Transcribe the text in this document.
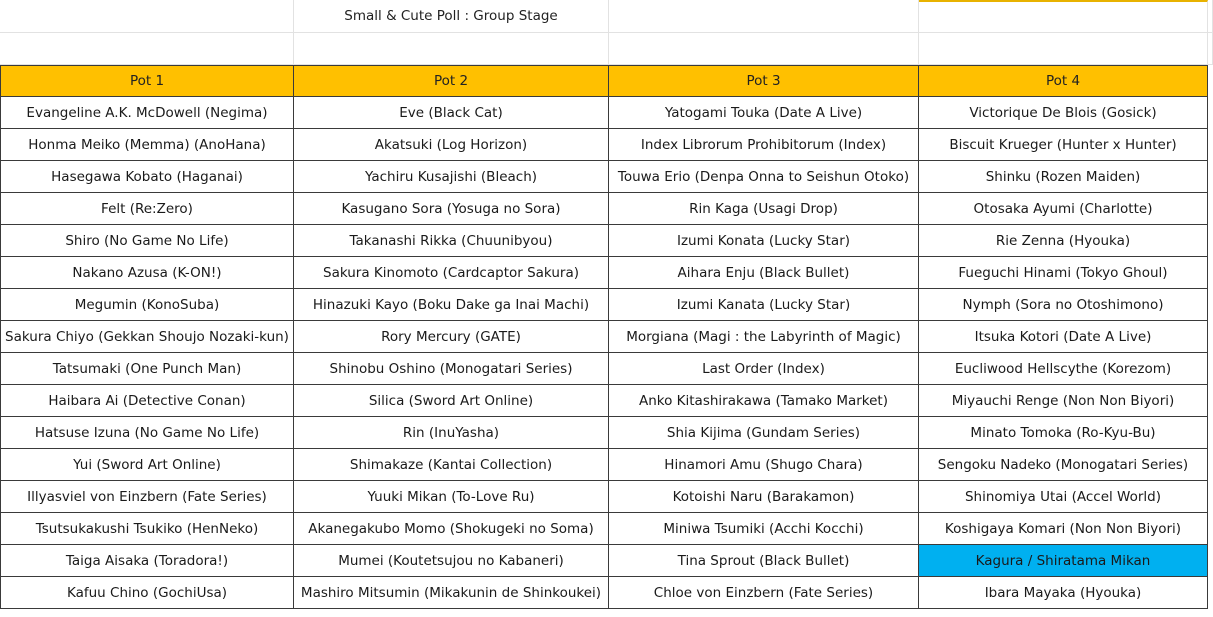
Small & Cute Poll : Group Stage
Pot 1	Pot 2	Pot 3	Pot 4
Evangeline A.K. McDowell (Negima)	Eve (Black Cat)	Yatogami Touka (Date A Live)	Victorique De Blois (Gosick)
Honma Meiko (Memma) (AnoHana)	Akatsuki (Log Horizon)	Index Librorum Prohibitorum (Index)	Biscuit Krueger (Hunter x Hunter)
Hasegawa Kobato (Haganai)	Yachiru Kusajishi (Bleach)	Touwa Erio (Denpa Onna to Seishun Otoko)	Shinku (Rozen Maiden)
Felt (Re:Zero)	Kasugano Sora (Yosuga no Sora)	Rin Kaga (Usagi Drop)	Otosaka Ayumi (Charlotte)
Shiro (No Game No Life)	Takanashi Rikka (Chuunibyou)	Izumi Konata (Lucky Star)	Rie Zenna (Hyouka)
Nakano Azusa (K-ON!)	Sakura Kinomoto (Cardcaptor Sakura)	Aihara Enju (Black Bullet)	Fueguchi Hinami (Tokyo Ghoul)
Megumin (KonoSuba)	Hinazuki Kayo (Boku Dake ga Inai Machi)	Izumi Kanata (Lucky Star)	Nymph (Sora no Otoshimono)
Sakura Chiyo (Gekkan Shoujo Nozaki-kun)	Rory Mercury (GATE)	Morgiana (Magi : the Labyrinth of Magic)	Itsuka Kotori (Date A Live)
Tatsumaki (One Punch Man)	Shinobu Oshino (Monogatari Series)	Last Order (Index)	Eucliwood Hellscythe (Korezom)
Haibara Ai (Detective Conan)	Silica (Sword Art Online)	Anko Kitashirakawa (Tamako Market)	Miyauchi Renge (Non Non Biyori)
Hatsuse Izuna (No Game No Life)	Rin (InuYasha)	Shia Kijima (Gundam Series)	Minato Tomoka (Ro-Kyu-Bu)
Yui (Sword Art Online)	Shimakaze (Kantai Collection)	Hinamori Amu (Shugo Chara)	Sengoku Nadeko (Monogatari Series)
Illyasviel von Einzbern (Fate Series)	Yuuki Mikan (To-Love Ru)	Kotoishi Naru (Barakamon)	Shinomiya Utai (Accel World)
Tsutsukakushi Tsukiko (HenNeko)	Akanegakubo Momo (Shokugeki no Soma)	Miniwa Tsumiki (Acchi Kocchi)	Koshigaya Komari (Non Non Biyori)
Taiga Aisaka (Toradora!)	Mumei (Koutetsujou no Kabaneri)	Tina Sprout (Black Bullet)	Kagura / Shiratama Mikan
Kafuu Chino (GochiUsa)	Mashiro Mitsumin (Mikakunin de Shinkoukei)	Chloe von Einzbern (Fate Series)	Ibara Mayaka (Hyouka)
